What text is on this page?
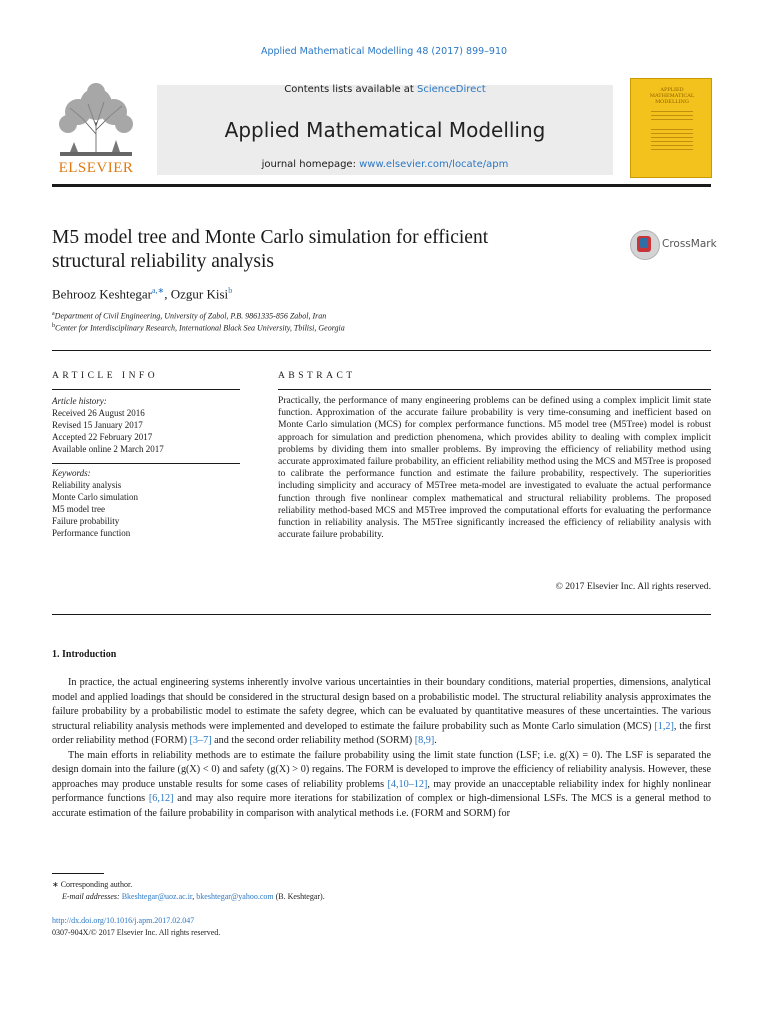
Applied Mathematical Modelling 48 (2017) 899–910
ELSEVIER
Contents lists available at ScienceDirect
Applied Mathematical Modelling
journal homepage: www.elsevier.com/locate/apm
APPLIED MATHEMATICAL MODELLING
M5 model tree and Monte Carlo simulation for efficient
structural reliability analysis
CrossMark
Behrooz Keshtegar$^{a,∗}$, Ozgur Kisi$^b$
$^a$Department of Civil Engineering, University of Zabol, P.B. 9861335-856 Zabol, Iran
$^b$Center for Interdisciplinary Research, International Black Sea University, Tbilisi, Georgia
ARTICLE INFO
Article history:
Received 26 August 2016
Revised 15 January 2017
Accepted 22 February 2017
Available online 2 March 2017
Keywords:
Reliability analysis
Monte Carlo simulation
M5 model tree
Failure probability
Performance function
ABSTRACT
Practically, the performance of many engineering problems can be defined using a complex implicit limit state function. Approximation of the accurate failure probability is very time-consuming and inefficient based on Monte Carlo simulation (MCS) for complex performance functions. M5 model tree (M5Tree) model is robust approach for simulation and prediction phenomena, which provides ability to dealing with complex implicit problems by dividing them into smaller problems. By improving the efficiency of reliability method using accurate approximated failure probability, an efficient reliability method using the MCS and M5Tree is proposed to calibrate the performance function and estimate the failure probability, respectively. The superiorities including simplicity and accuracy of M5Tree meta-model are investigated to evaluate the actual performance function through five nonlinear complex mathematical and structural reliability problems. The proposed reliability method-based MCS and M5Tree improved the computational efforts for evaluating the performance function in reliability analysis. The M5Tree significantly increased the efficiency of reliability analysis with accurate failure probability.
© 2017 Elsevier Inc. All rights reserved.
1. Introduction

In practice, the actual engineering systems inherently involve various uncertainties in their boundary conditions, material properties, dimensions, analytical model and applied loadings that should be considered in the structural design based on a probabilistic model. The structural reliability analysis approximates the failure probability by a probabilistic model to estimate the safety degree, which can be evaluated by quantitative measures of these uncertainties. The various structural reliability analysis methods were implemented and developed to estimate the failure probability such as Monte Carlo simulation (MCS) [1,2], the first order reliability method (FORM) [3–7] and the second order reliability method (SORM) [8,9].

The main efforts in reliability methods are to estimate the failure probability using the limit state function (LSF; i.e. g(X) = 0). The LSF is separated the design domain into the failure (g(X) < 0) and safety (g(X) > 0) regains. The FORM is developed to improve the efficiency of reliability analysis. However, these approaches may produce unstable results for some cases of reliability problems [4,10–12], may provide an unacceptable reliability index for highly nonlinear performance functions [6,12] and may also require more iterations for stabilization of complex or high-dimensional LSFs. The MCS is a general method to accurate estimation of the failure probability in comparison with analytical methods i.e. (FORM and SORM) for

∗ Corresponding author.
E-mail addresses: Bkeshtegar@uoz.ac.ir, bkeshtegar@yahoo.com (B. Keshtegar).
http://dx.doi.org/10.1016/j.apm.2017.02.047
0307-904X/© 2017 Elsevier Inc. All rights reserved.
